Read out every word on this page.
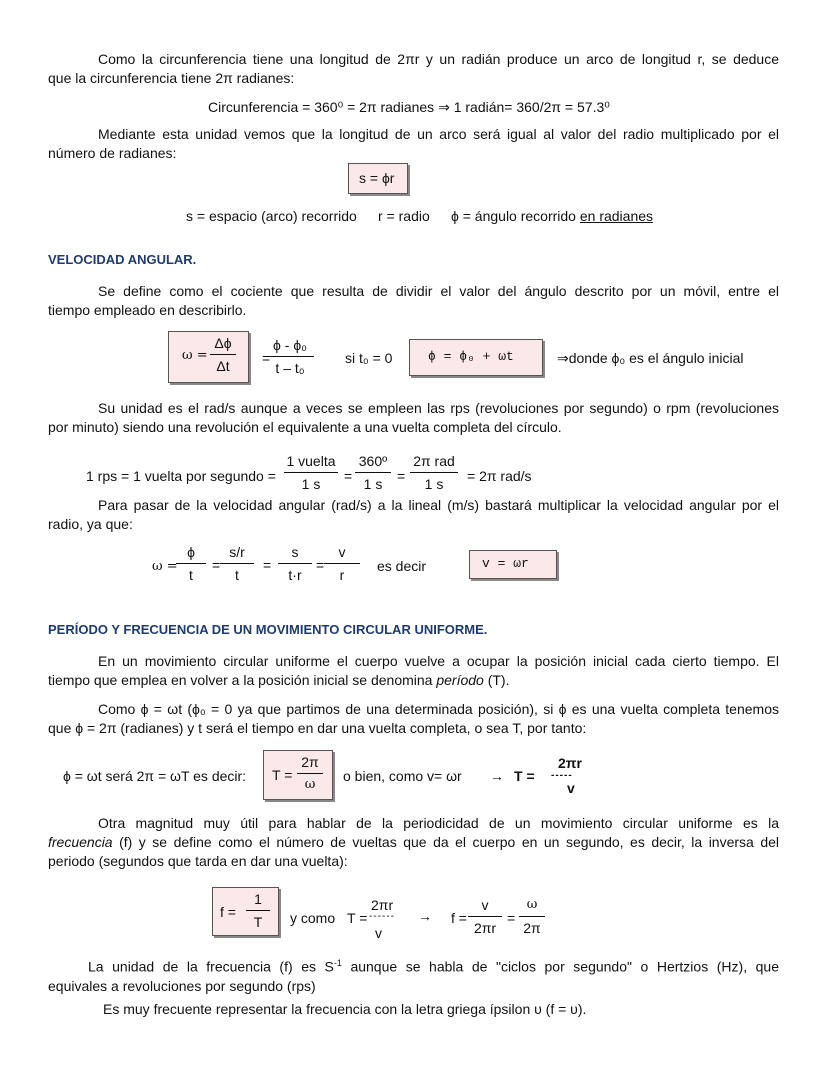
Como la circunferencia tiene una longitud de 2πr y un radián produce un arco de longitud r, se deduce
que la circunferencia tiene 2π radianes:
Circunferencia = 360⁰ = 2π radianes ⇒ 1 radián= 360/2π = 57.3⁰
Mediante esta unidad vemos que la longitud de un arco será igual al valor del radio multiplicado por el
número de radianes:
s = ϕr
s = espacio (arco) recorrido r = radio ϕ = ángulo recorrido en radianes
VELOCIDAD ANGULAR.
Se define como el cociente que resulta de dividir el valor del ángulo descrito por un móvil, entre el
tiempo empleado en describirlo.
ω =
Δϕ
Δt	=
ϕ - ϕ₀
t – t₀
si t₀ = 0	ϕ = ϕ₀ + ωt	⇒donde ϕ₀ es el ángulo inicial
Su unidad es el rad/s aunque a veces se empleen las rps (revoluciones por segundo) o rpm (revoluciones
por minuto) siendo una revolución el equivalente a una vuelta completa del círculo.
1 rps = 1 vuelta por segundo =
1 vuelta
1 s	=
360º
1 s	=
2π rad
1 s	= 2π rad/s
Para pasar de la velocidad angular (rad/s) a la lineal (m/s) bastará multiplicar la velocidad angular por el
radio, ya que:
ω =
ϕ
t
=
s/r
t
=
s
t·r
=
v
r
es decir	v = ωr
PERÍODO Y FRECUENCIA DE UN MOVIMIENTO CIRCULAR UNIFORME.
En un movimiento circular uniforme el cuerpo vuelve a ocupar la posición inicial cada cierto tiempo. El
tiempo que emplea en volver a la posición inicial se denomina período (T).
Como ϕ = ωt (ϕ₀ = 0 ya que partimos de una determinada posición), si ϕ es una vuelta completa tenemos
que ϕ = 2π (radianes) y t será el tiempo en dar una vuelta completa, o sea T, por tanto:
ϕ = ωt será 2π = ωT es decir: T =
2π
ω
o bien, como v= ωr → T =
2πr
-----
v
Otra magnitud muy útil para hablar de la periodicidad de un movimiento circular uniforme es la
frecuencia (f) y se define como el número de vueltas que da el cuerpo en un segundo, es decir, la inversa del
periodo (segundos que tarda en dar una vuelta):
f =
1
T	y como T =
2πr
------
v
→ f =
v
2πr
=
ω
2π
La unidad de la frecuencia (f) es $S^{-1}$ aunque se habla de "ciclos por segundo" o Hertzios (Hz), que
equivales a revoluciones por segundo (rps)
Es muy frecuente representar la frecuencia con la letra griega ípsilon υ (f = υ).
